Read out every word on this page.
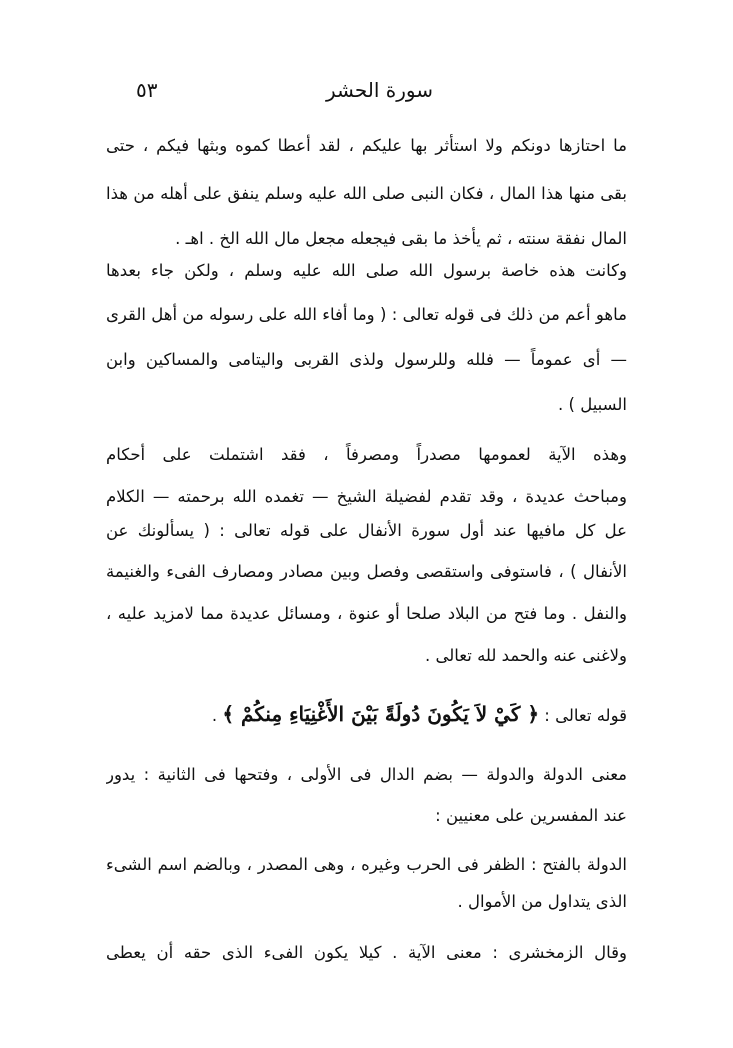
سورة الحشر
٥٣
ما احتازها دونكم ولا استأثر بها عليكم ، لقد أعطا كموه وبثها فيكم ، حتى
بقى منها هذا المال ، فكان النبى صلى الله عليه وسلم ينفق على أهله من هذا
المال نفقة سنته ، ثم يأخذ ما بقى فيجعله مجعل مال الله الخ . اهـ .
وكانت هذه خاصة برسول الله صلى الله عليه وسلم ، ولكن جاء بعدها
ماهو أعم من ذلك فى قوله تعالى : ( وما أفاء الله على رسوله من أهل القرى
— أى عموماً — فلله وللرسول ولذى القربى واليتامى والمساكين وابن
السبيل ) .
وهذه الآية لعمومها مصدراً ومصرفاً ، فقد اشتملت على أحكام
ومباحث عديدة ، وقد تقدم لفضيلة الشيخ — تغمده الله برحمته — الكلام
عل كل مافيها عند أول سورة الأنفال على قوله تعالى : ( يسألونك عن
الأنفال ) ، فاستوفى واستقصى وفصل وبين مصادر ومصارف الفىء والغنيمة
والنفل . وما فتح من البلاد صلحا أو عنوة ، ومسائل عديدة مما لامزيد عليه ،
ولاغنى عنه والحمد لله تعالى .
قوله تعالى : ﴿ كَيْ لاَ يَكُونَ دُولَةً بَيْنَ الأَغْنِيَاءِ مِنكُمْ ﴾ .
معنى الدولة والدولة — بضم الدال فى الأولى ، وفتحها فى الثانية : يدور
عند المفسرين على معنيين :
الدولة بالفتح : الظفر فى الحرب وغيره ، وهى المصدر ، وبالضم اسم الشىء
الذى يتداول من الأموال .
وقال الزمخشرى : معنى الآية . كيلا يكون الفىء الذى حقه أن يعطى
